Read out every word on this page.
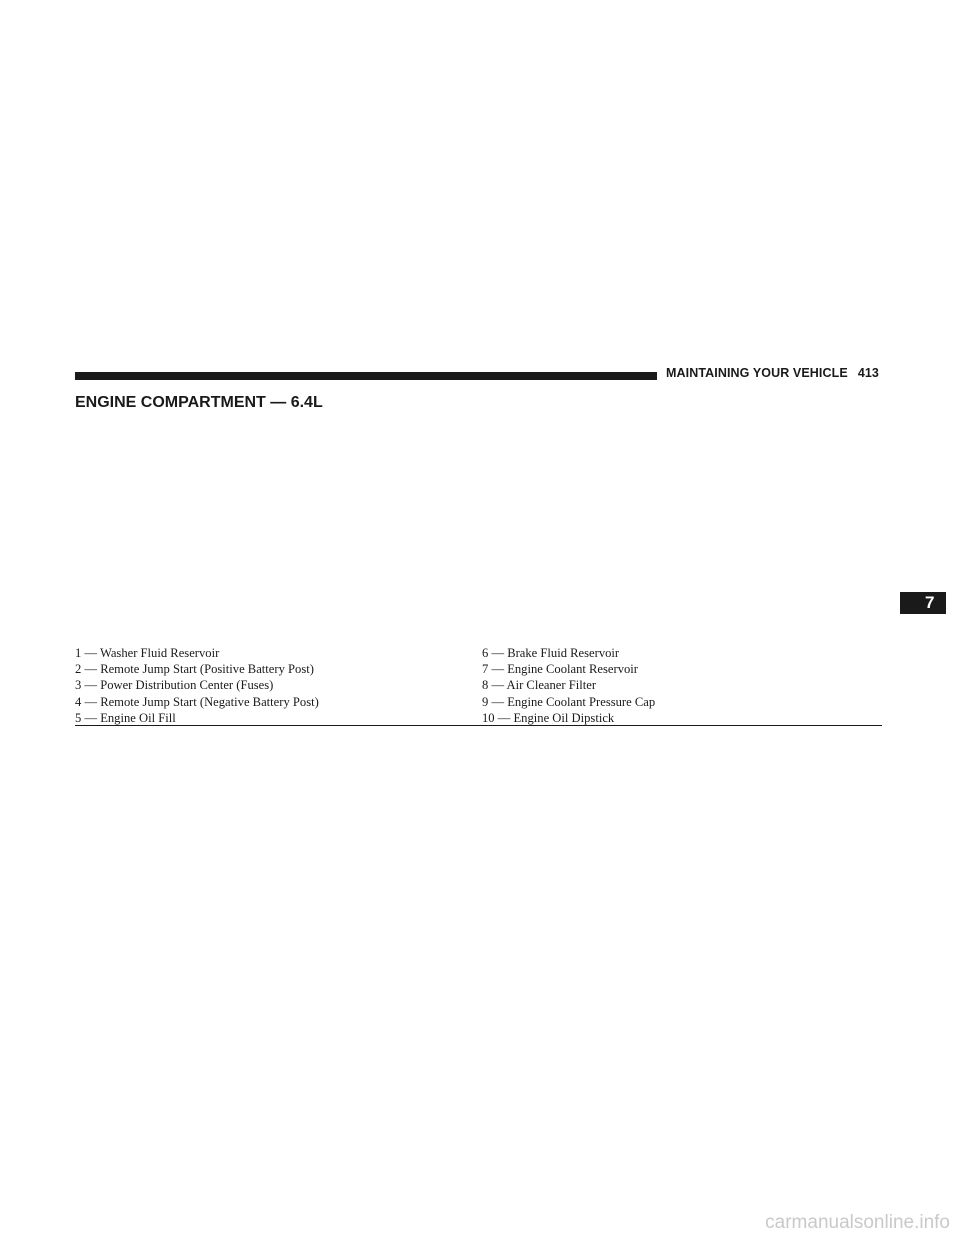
MAINTAINING YOUR VEHICLE 413
ENGINE COMPARTMENT — 6.4L
7
1 — Washer Fluid Reservoir
2 — Remote Jump Start (Positive Battery Post)
3 — Power Distribution Center (Fuses)
4 — Remote Jump Start (Negative Battery Post)
5 — Engine Oil Fill
6 — Brake Fluid Reservoir
7 — Engine Coolant Reservoir
8 — Air Cleaner Filter
9 — Engine Coolant Pressure Cap
10 — Engine Oil Dipstick
carmanualsonline.info
